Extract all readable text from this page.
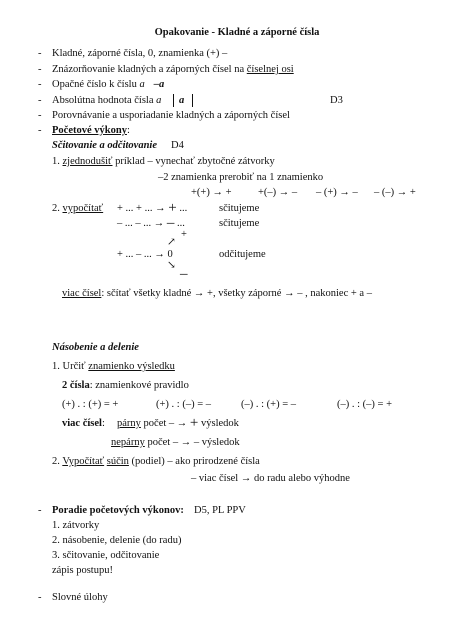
Opakovanie - Kladné a záporné čísla
- Kladné, záporné čísla, 0, znamienka (+) –
- Znázorňovanie kladných a záporných čísel na číselnej osi
- Opačné číslo k číslu a –a
- Absolútna hodnota čísla a	a	D3
- Porovnávanie a usporiadanie kladných a záporných čísel
- Početové výkony:
Sčitovanie a odčitovanie D4
1. zjednodušiť príklad – vynechať zbytočné zátvorky
–2 znamienka prerobiť na 1 znamienko
+(+) → +	+(–) → – – (+) → – – (–) → +
2. vypočítať + ... + ... → + ...	sčitujeme
– ... – ... → – ...	sčitujeme
+
↗
+ ... – ... → 0	odčitujeme
↘
–
viac čísel: sčítať všetky kladné → +, všetky záporné → – , nakoniec + a –
Násobenie a delenie
1. Určiť znamienko výsledku
2 čísla: znamienkové pravidlo
(+) . : (+) = +	(+) . : (–) = –	(–) . : (+) = –	(–) . : (–) = +
viac čísel: párny počet – → + výsledok
nepárny počet – → – výsledok
2. Vypočítať súčin (podiel) – ako prirodzené čísla
– viac čísel → do radu alebo výhodne
- Poradie početových výkonov: D5, PL PPV
1. zátvorky
2. násobenie, delenie (do radu)
3. sčitovanie, odčitovanie
zápis postupu!
- Slovné úlohy
